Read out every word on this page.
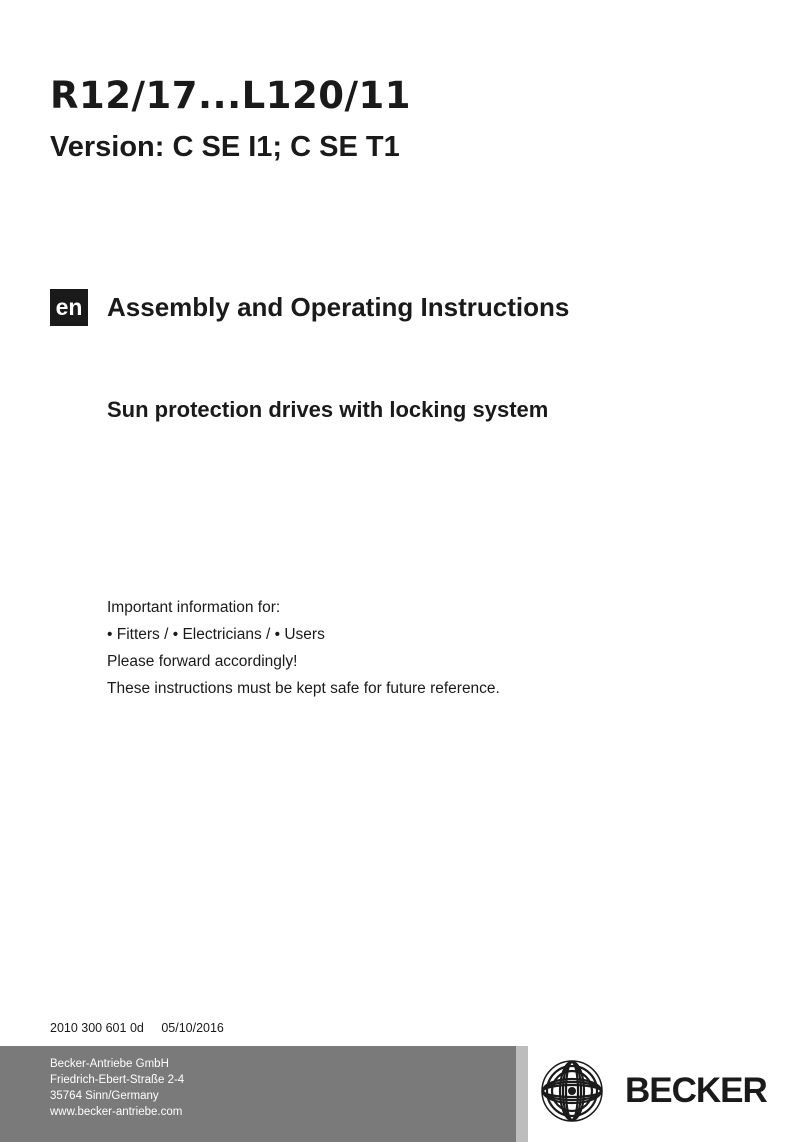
R12/17...L120/11
Version: C SE I1; C SE T1
en Assembly and Operating Instructions
Sun protection drives with locking system
Important information for:
• Fitters / • Electricians / • Users
Please forward accordingly!
These instructions must be kept safe for future reference.
2010 300 601 0d 05/10/2016
Becker-Antriebe GmbH
Friedrich-Ebert-Straße 2-4
35764 Sinn/Germany
www.becker-antriebe.com
BECKER
